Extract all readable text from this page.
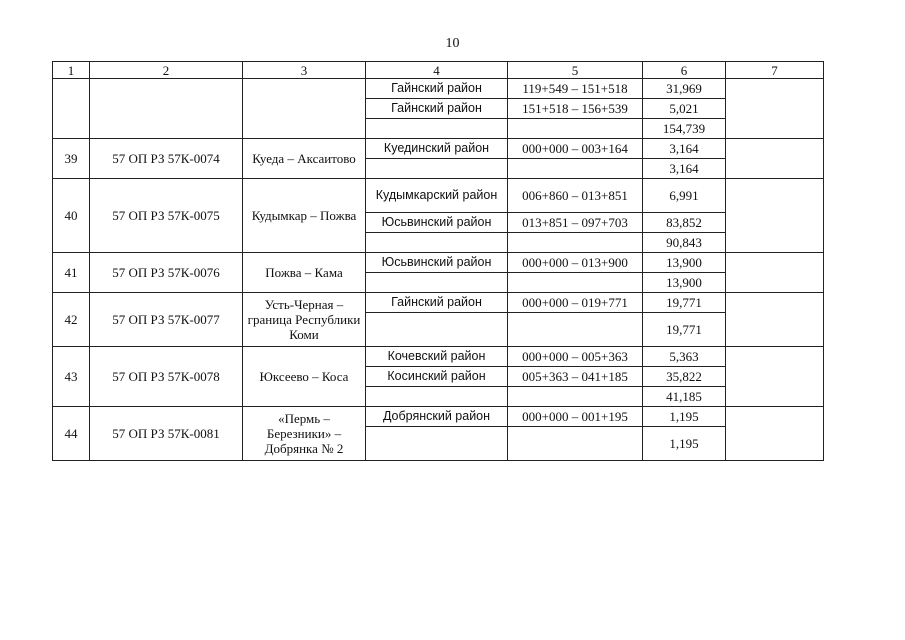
10
1	2	3	4	5	6	7
			Гайнский район	119+549 – 151+518	31,969	
			Гайнский район	151+518 – 156+539	5,021	
					154,739	
39	57 ОП РЗ 57К-0074	Куеда – Аксаитово	Куединский район	000+000 – 003+164	3,164	
					3,164	
40	57 ОП РЗ 57К-0075	Кудымкар – Пожва	Кудымкарский район	006+860 – 013+851	6,991	
			Юсьвинский район	013+851 – 097+703	83,852	
					90,843	
41	57 ОП РЗ 57К-0076	Пожва – Кама	Юсьвинский район	000+000 – 013+900	13,900	
					13,900	
42	57 ОП РЗ 57К-0077	Усть-Черная – граница Республики Коми	Гайнский район	000+000 – 019+771	19,771	
					19,771	
43	57 ОП РЗ 57К-0078	Юксеево – Коса	Кочевский район	000+000 – 005+363	5,363	
			Косинский район	005+363 – 041+185	35,822	
					41,185	
44	57 ОП РЗ 57К-0081	«Пермь – Березники» – Добрянка № 2	Добрянский район	000+000 – 001+195	1,195	
					1,195	
